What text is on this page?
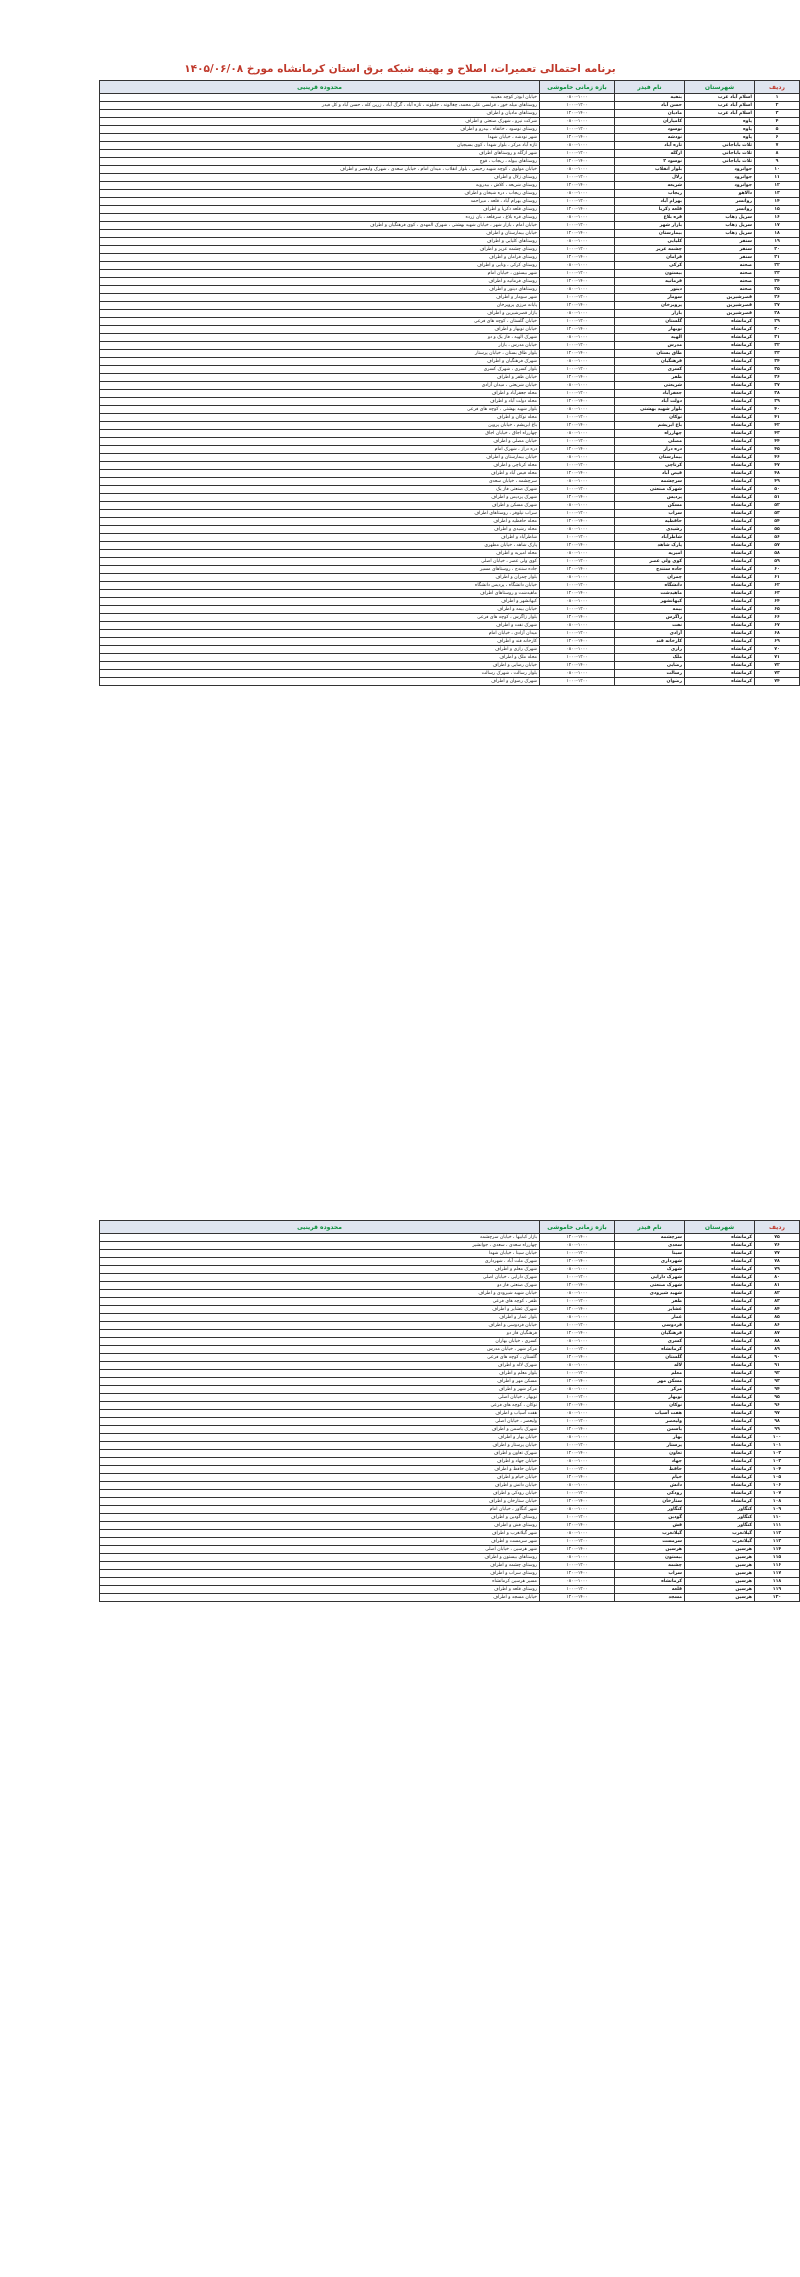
برنامه احتمالی تعمیرات، اصلاح و بهینه شبکه برق استان کرمانشاه مورخ ۱۴۰۵/۰۶/۰۸
ردیف	شهرستان	نام فیدر	بازه زمانی خاموشی	محدوده قرینیی
۱	اسلام آباد غرب	بنفیه	۰۸۰۰-۱۰۰۰	خیابان ابوذر کوچه معینیه
۲	اسلام آباد غرب	حسن آباد	۱۰۰۰-۱۲۰۰	روستاهای میله خور ، قزلسی علی محمد، چغالوند ، جلیلوند ، تازه آباد ، گرگ آباد ، زرین کله ، حسن آباد و کل فیدر
۳	اسلام آباد غرب	مادیان	۱۲۰۰-۱۴۰۰	روستاهای مادیان و اطراف
۴	پاوه	کامیاران	۰۸۰۰-۱۰۰۰	شرکت نیرو ، شهرک صنعتی و اطراف
۵	پاوه	نوسود	۱۰۰۰-۱۲۰۰	روستای نوسود ، خانقاه ، بیدرو و اطراف
۶	پاوه	نودشه	۱۲۰۰-۱۴۰۰	شهر نودشه ، خیابان شهدا
۷	ثلاث باباجانی	تازه آباد	۰۸۰۰-۱۰۰۰	تازه آباد مرکز ، بلوار شهدا ، کوی بسیجیان
۸	ثلاث باباجانی	ازگله	۱۰۰۰-۱۲۰۰	شهر ازگله و روستاهای اطراف
۹	ثلاث باباجانی	نوسود ۲	۱۲۰۰-۱۴۰۰	روستاهای بیوله ، ریجاب ، قوچ
۱۰	جوانرود	بلوار انقلاب	۰۸۰۰-۱۰۰۰	خیابان مولوی ، کوچه شهید رحیمی ، بلوار انقلاب ، میدان امام ، خیابان سعدی ، شهرک ولیعصر و اطراف
۱۱	جوانرود	زلال	۱۰۰۰-۱۲۰۰	روستای زلال و اطراف
۱۲	جوانرود	شریعه	۱۲۰۰-۱۴۰۰	روستای شریعه ، کلاش ، بیدروبه
۱۳	دالاهو	ریجاب	۰۸۰۰-۱۰۰۰	روستای ریجاب ، دره شیخان و اطراف
۱۴	روانسر	بهرام آباد	۱۰۰۰-۱۲۰۰	روستای بهرام آباد ، قلعه ، میراحمد
۱۵	روانسر	قلعه ذکریا	۱۲۰۰-۱۴۰۰	روستای قلعه ذکریا و اطراف
۱۶	سرپل ذهاب	قره بلاغ	۰۸۰۰-۱۰۰۰	روستای قره بلاغ ، سرقلعه ، بان زرده
۱۷	سرپل ذهاب	بازار شهر	۱۰۰۰-۱۲۰۰	خیابان امام ، بازار شهر ، خیابان شهید بهشتی ، شهرک المهدی ، کوی فرهنگیان و اطراف
۱۸	سرپل ذهاب	بیمارستان	۱۲۰۰-۱۴۰۰	خیابان بیمارستان و اطراف
۱۹	سنقر	کلیایی	۰۸۰۰-۱۰۰۰	روستاهای کلیایی و اطراف
۲۰	سنقر	چشمه عزیز	۱۰۰۰-۱۲۰۰	روستای چشمه عزیز و اطراف
۲۱	سنقر	فرامان	۱۲۰۰-۱۴۰۰	روستای فرامان و اطراف
۲۲	صحنه	کرکی	۰۸۰۰-۱۰۰۰	روستای کرکی ، ونایی و اطراف
۲۳	صحنه	بیستون	۱۰۰۰-۱۲۰۰	شهر بیستون ، خیابان امام
۲۴	صحنه	فرمانیه	۱۲۰۰-۱۴۰۰	روستای فرمانیه و اطراف
۲۵	صحنه	دینور	۰۸۰۰-۱۰۰۰	روستاهای دینور و اطراف
۲۶	قصرشیرین	سومار	۱۰۰۰-۱۲۰۰	شهر سومار و اطراف
۲۷	قصرشیرین	پرویزخان	۱۲۰۰-۱۴۰۰	پایانه مرزی پرویزخان
۲۸	قصرشیرین	بازار	۰۸۰۰-۱۰۰۰	بازار قصرشیرین و اطراف
۲۹	کرمانشاه	گلستان	۱۰۰۰-۱۲۰۰	خیابان گلستان ، کوچه های فرعی
۳۰	کرمانشاه	نوبهار	۱۲۰۰-۱۴۰۰	خیابان نوبهار و اطراف
۳۱	کرمانشاه	الهیه	۰۸۰۰-۱۰۰۰	شهرک الهیه ، فاز یک و دو
۳۲	کرمانشاه	مدرس	۱۰۰۰-۱۲۰۰	خیابان مدرس ، بازار
۳۳	کرمانشاه	طاق بستان	۱۲۰۰-۱۴۰۰	بلوار طاق بستان ، خیابان پرستار
۳۴	کرمانشاه	فرهنگیان	۰۸۰۰-۱۰۰۰	شهرک فرهنگیان و اطراف
۳۵	کرمانشاه	کسری	۱۰۰۰-۱۲۰۰	بلوار کسری ، شهرک کسری
۳۶	کرمانشاه	ظفر	۱۲۰۰-۱۴۰۰	خیابان ظفر و اطراف
۳۷	کرمانشاه	شریعتی	۰۸۰۰-۱۰۰۰	خیابان شریعتی ، میدان آزادی
۳۸	کرمانشاه	جعفرآباد	۱۰۰۰-۱۲۰۰	محله جعفرآباد و اطراف
۳۹	کرمانشاه	دولت آباد	۱۲۰۰-۱۴۰۰	محله دولت آباد و اطراف
۴۰	کرمانشاه	بلوار شهید بهشتی	۰۸۰۰-۱۰۰۰	بلوار شهید بهشتی ، کوچه های فرعی
۴۱	کرمانشاه	نوکان	۱۰۰۰-۱۲۰۰	محله نوکان و اطراف
۴۲	کرمانشاه	باغ ابریشم	۱۲۰۰-۱۴۰۰	باغ ابریشم ، خیابان پروین
۴۳	کرمانشاه	چهارراه	۰۸۰۰-۱۰۰۰	چهارراه اجاق ، خیابان اجاق
۴۴	کرمانشاه	مصلی	۱۰۰۰-۱۲۰۰	خیابان مصلی و اطراف
۴۵	کرمانشاه	دره دراز	۱۲۰۰-۱۴۰۰	دره دراز ، شهرک امام
۴۶	کرمانشاه	بیمارستان	۰۸۰۰-۱۰۰۰	خیابان بیمارستان و اطراف
۴۷	کرمانشاه	کرناچی	۱۰۰۰-۱۲۰۰	محله کرناچی و اطراف
۴۸	کرمانشاه	فیض آباد	۱۲۰۰-۱۴۰۰	محله فیض آباد و اطراف
۴۹	کرمانشاه	سرچشمه	۰۸۰۰-۱۰۰۰	سرچشمه ، خیابان سعدی
۵۰	کرمانشاه	شهرک صنعتی	۱۰۰۰-۱۲۰۰	شهرک صنعتی فاز یک
۵۱	کرمانشاه	پردیس	۱۲۰۰-۱۴۰۰	شهرک پردیس و اطراف
۵۲	کرمانشاه	مسکن	۰۸۰۰-۱۰۰۰	شهرک مسکن و اطراف
۵۳	کرمانشاه	سراب	۱۰۰۰-۱۲۰۰	سراب نیلوفر ، روستاهای اطراف
۵۴	کرمانشاه	حافظیه	۱۲۰۰-۱۴۰۰	محله حافظیه و اطراف
۵۵	کرمانشاه	رشیدی	۰۸۰۰-۱۰۰۰	محله رشیدی و اطراف
۵۶	کرمانشاه	شاطرآباد	۱۰۰۰-۱۲۰۰	شاطرآباد و اطراف
۵۷	کرمانشاه	پارک شاهد	۱۲۰۰-۱۴۰۰	پارک شاهد ، خیابان مطهری
۵۸	کرمانشاه	امیریه	۰۸۰۰-۱۰۰۰	محله امیریه و اطراف
۵۹	کرمانشاه	کوی ولی عصر	۱۰۰۰-۱۲۰۰	کوی ولی عصر ، خیابان اصلی
۶۰	کرمانشاه	جاده سنندج	۱۲۰۰-۱۴۰۰	جاده سنندج ، روستاهای مسیر
۶۱	کرمانشاه	چمران	۰۸۰۰-۱۰۰۰	بلوار چمران و اطراف
۶۲	کرمانشاه	دانشگاه	۱۰۰۰-۱۲۰۰	خیابان دانشگاه ، پردیس دانشگاه
۶۳	کرمانشاه	ماهیدشت	۱۲۰۰-۱۴۰۰	ماهیدشت و روستاهای اطراف
۶۴	کرمانشاه	کیهانشهر	۰۸۰۰-۱۰۰۰	کیهانشهر و اطراف
۶۵	کرمانشاه	بیمه	۱۰۰۰-۱۲۰۰	خیابان بیمه و اطراف
۶۶	کرمانشاه	زاگرس	۱۲۰۰-۱۴۰۰	بلوار زاگرس ، کوچه های فرعی
۶۷	کرمانشاه	نفت	۰۸۰۰-۱۰۰۰	شهرک نفت و اطراف
۶۸	کرمانشاه	آزادی	۱۰۰۰-۱۲۰۰	میدان آزادی ، خیابان امام
۶۹	کرمانشاه	کارخانه قند	۱۲۰۰-۱۴۰۰	کارخانه قند و اطراف
۷۰	کرمانشاه	رازی	۰۸۰۰-۱۰۰۰	شهرک رازی و اطراف
۷۱	کرمانشاه	ملک	۱۰۰۰-۱۲۰۰	محله ملک و اطراف
۷۲	کرمانشاه	رضایی	۱۲۰۰-۱۴۰۰	خیابان رضایی و اطراف
۷۳	کرمانشاه	رسالت	۰۸۰۰-۱۰۰۰	بلوار رسالت ، شهرک رسالت
۷۴	کرمانشاه	رضوان	۱۰۰۰-۱۲۰۰	شهرک رضوان و اطراف
ردیف	شهرستان	نام فیدر	بازه زمانی خاموشی	محدوده قرینیی
۷۵	کرمانشاه	سرچشمه	۱۲۰۰-۱۴۰۰	بازار کبابیها ، خیابان سرچشمه
۷۶	کرمانشاه	سعدی	۰۸۰۰-۱۰۰۰	چهارراه سعدی ، سعدی ، جوانشیر
۷۷	کرمانشاه	سینا	۱۰۰۰-۱۲۰۰	خیابان سینا ، خیابان شهدا
۷۸	کرمانشاه	شهرداری	۱۲۰۰-۱۴۰۰	شهرک ملت آباد ، شهرداری
۷۹	کرمانشاه	شهرک	۰۸۰۰-۱۰۰۰	شهرک معلم و اطراف
۸۰	کرمانشاه	شهرک دارایی	۱۰۰۰-۱۲۰۰	شهرک دارایی ، خیابان اصلی
۸۱	کرمانشاه	شهرک صنعتی	۱۲۰۰-۱۴۰۰	شهرک صنعتی فاز دو
۸۲	کرمانشاه	شهید شیرودی	۰۸۰۰-۱۰۰۰	خیابان شهید شیرودی و اطراف
۸۳	کرمانشاه	ظفر	۱۰۰۰-۱۲۰۰	ظفر ، کوچه های فرعی
۸۴	کرمانشاه	عشایر	۱۲۰۰-۱۴۰۰	شهرک عشایر و اطراف
۸۵	کرمانشاه	عمار	۰۸۰۰-۱۰۰۰	بلوار عمار و اطراف
۸۶	کرمانشاه	فردوسی	۱۰۰۰-۱۲۰۰	خیابان فردوسی و اطراف
۸۷	کرمانشاه	فرهنگیان	۱۲۰۰-۱۴۰۰	فرهنگیان فاز دو
۸۸	کرمانشاه	کسری	۰۸۰۰-۱۰۰۰	کسری ، خیابان بهاران
۸۹	کرمانشاه	کرمانشاه	۱۰۰۰-۱۲۰۰	مرکز شهر ، خیابان مدرس
۹۰	کرمانشاه	گلستان	۱۲۰۰-۱۴۰۰	گلستان ، کوچه های فرعی
۹۱	کرمانشاه	لاله	۰۸۰۰-۱۰۰۰	شهرک لاله و اطراف
۹۲	کرمانشاه	معلم	۱۰۰۰-۱۲۰۰	بلوار معلم و اطراف
۹۳	کرمانشاه	مسکن مهر	۱۲۰۰-۱۴۰۰	مسکن مهر و اطراف
۹۴	کرمانشاه	مرکز	۰۸۰۰-۱۰۰۰	مرکز شهر و اطراف
۹۵	کرمانشاه	نوبهار	۱۰۰۰-۱۲۰۰	نوبهار ، خیابان اصلی
۹۶	کرمانشاه	نوکان	۱۲۰۰-۱۴۰۰	نوکان ، کوچه های فرعی
۹۷	کرمانشاه	هفت آسیاب	۰۸۰۰-۱۰۰۰	هفت آسیاب و اطراف
۹۸	کرمانشاه	ولیعصر	۱۰۰۰-۱۲۰۰	ولیعصر ، خیابان اصلی
۹۹	کرمانشاه	یاسمن	۱۲۰۰-۱۴۰۰	شهرک یاسمن و اطراف
۱۰۰	کرمانشاه	بهار	۰۸۰۰-۱۰۰۰	خیابان بهار و اطراف
۱۰۱	کرمانشاه	پرستار	۱۰۰۰-۱۲۰۰	خیابان پرستار و اطراف
۱۰۲	کرمانشاه	تعاون	۱۲۰۰-۱۴۰۰	شهرک تعاون و اطراف
۱۰۳	کرمانشاه	جهاد	۰۸۰۰-۱۰۰۰	خیابان جهاد و اطراف
۱۰۴	کرمانشاه	حافظ	۱۰۰۰-۱۲۰۰	خیابان حافظ و اطراف
۱۰۵	کرمانشاه	خیام	۱۲۰۰-۱۴۰۰	خیابان خیام و اطراف
۱۰۶	کرمانشاه	دانش	۰۸۰۰-۱۰۰۰	خیابان دانش و اطراف
۱۰۷	کرمانشاه	رودکی	۱۰۰۰-۱۲۰۰	خیابان رودکی و اطراف
۱۰۸	کرمانشاه	ستارخان	۱۲۰۰-۱۴۰۰	خیابان ستارخان و اطراف
۱۰۹	کنگاور	کنگاور	۰۸۰۰-۱۰۰۰	شهر کنگاور ، خیابان امام
۱۱۰	کنگاور	گودین	۱۰۰۰-۱۲۰۰	روستای گودین و اطراف
۱۱۱	کنگاور	فش	۱۲۰۰-۱۴۰۰	روستای فش و اطراف
۱۱۲	گیلانغرب	گیلانغرب	۰۸۰۰-۱۰۰۰	شهر گیلانغرب و اطراف
۱۱۳	گیلانغرب	سرمست	۱۰۰۰-۱۲۰۰	شهر سرمست و اطراف
۱۱۴	هرسین	هرسین	۱۲۰۰-۱۴۰۰	شهر هرسین ، خیابان اصلی
۱۱۵	هرسین	بیستون	۰۸۰۰-۱۰۰۰	روستاهای بیستون و اطراف
۱۱۶	هرسین	چشمه	۱۰۰۰-۱۲۰۰	روستای چشمه و اطراف
۱۱۷	هرسین	سراب	۱۲۰۰-۱۴۰۰	روستای سراب و اطراف
۱۱۸	هرسین	کرمانشاه	۰۸۰۰-۱۰۰۰	مسیر هرسین کرمانشاه
۱۱۹	هرسین	قلعه	۱۰۰۰-۱۲۰۰	روستای قلعه و اطراف
۱۲۰	هرسین	مسجد	۱۲۰۰-۱۴۰۰	خیابان مسجد و اطراف
